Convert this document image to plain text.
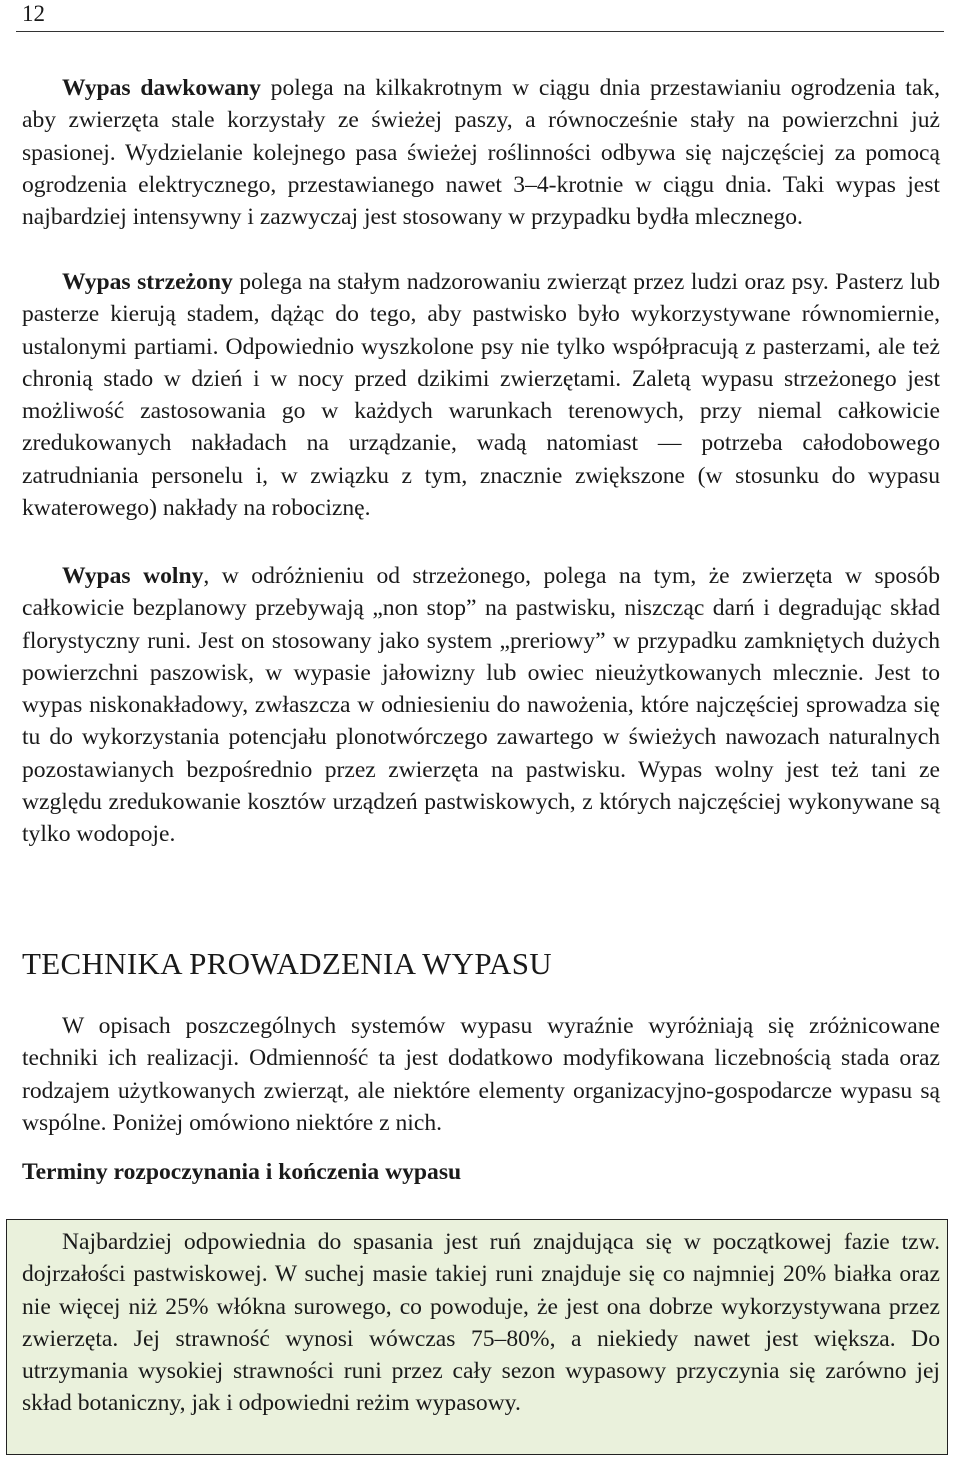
12

Wypas dawkowany polega na kilkakrotnym w ciągu dnia przestawianiu ogrodzenia tak, aby zwierzęta stale korzystały ze świeżej paszy, a równocześnie stały na powierzchni już spasionej. Wydzielanie kolejnego pasa świeżej roślinności odbywa się najczęściej za pomocą ogrodzenia elektrycznego, przestawianego nawet 3–4-krotnie w ciągu dnia. Taki wypas jest najbardziej intensywny i zazwyczaj jest stosowany w przypadku bydła mlecznego.

Wypas strzeżony polega na stałym nadzorowaniu zwierząt przez ludzi oraz psy. Pasterz lub pasterze kierują stadem, dążąc do tego, aby pastwisko było wykorzystywane równomiernie, ustalonymi partiami. Odpowiednio wyszkolone psy nie tylko współpracują z pasterzami, ale też chronią stado w dzień i w nocy przed dzikimi zwierzętami. Zaletą wypasu strzeżonego jest możliwość zastosowania go w każdych warunkach terenowych, przy niemal całkowicie zredukowanych nakładach na urządzanie, wadą natomiast — potrzeba całodobowego zatrudniania personelu i, w związku z tym, znacznie zwiększone (w stosunku do wypasu kwaterowego) nakłady na robociznę.

Wypas wolny, w odróżnieniu od strzeżonego, polega na tym, że zwierzęta w sposób całkowicie bezplanowy przebywają „non stop” na pastwisku, niszcząc darń i degradując skład florystyczny runi. Jest on stosowany jako system „preriowy” w przypadku zamkniętych dużych powierzchni paszowisk, w wypasie jałowizny lub owiec nieużytkowanych mlecznie. Jest to wypas niskonakładowy, zwłaszcza w odniesieniu do nawożenia, które najczęściej sprowadza się tu do wykorzystania potencjału plonotwórczego zawartego w świeżych nawozach naturalnych pozostawianych bezpośrednio przez zwierzęta na pastwisku. Wypas wolny jest też tani ze względu zredukowanie kosztów urządzeń pastwiskowych, z których najczęściej wykonywane są tylko wodopoje.

TECHNIKA PROWADZENIA WYPASU

W opisach poszczególnych systemów wypasu wyraźnie wyróżniają się zróżnicowane techniki ich realizacji. Odmienność ta jest dodatkowo modyfikowana liczebnością stada oraz rodzajem użytkowanych zwierząt, ale niektóre elementy organizacyjno-gospodarcze wypasu są wspólne. Poniżej omówiono niektóre z nich.

Terminy rozpoczynania i kończenia wypasu

Najbardziej odpowiednia do spasania jest ruń znajdująca się w początkowej fazie tzw. dojrzałości pastwiskowej. W suchej masie takiej runi znajduje się co najmniej 20% białka oraz nie więcej niż 25% włókna surowego, co powoduje, że jest ona dobrze wykorzystywana przez zwierzęta. Jej strawność wynosi wówczas 75–80%, a niekiedy nawet jest większa. Do utrzymania wysokiej strawności runi przez cały sezon wypasowy przyczynia się zarówno jej skład botaniczny, jak i odpowiedni reżim wypasowy.
